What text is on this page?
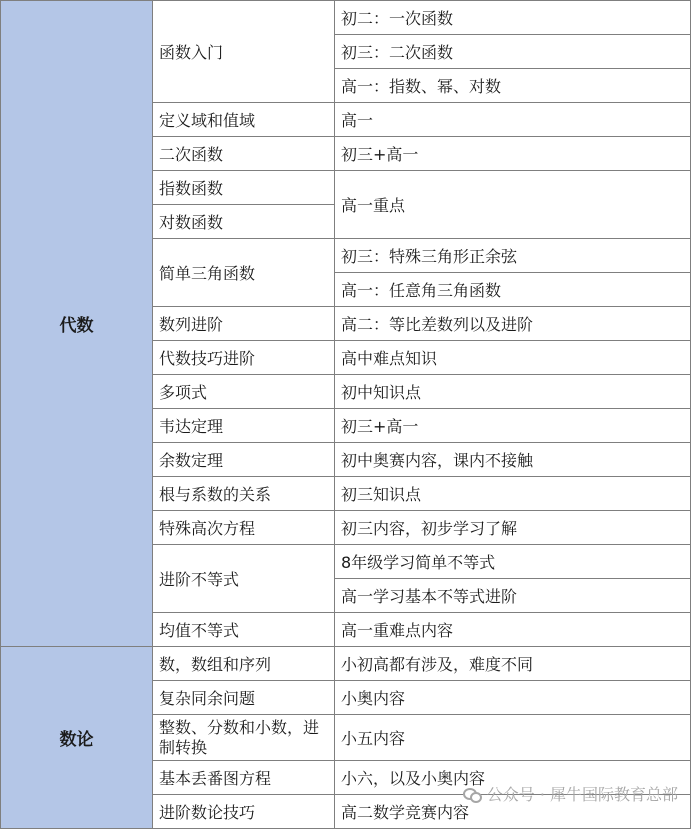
代数	函数入门	初二：一次函数
		初三：二次函数
		高一：指数、幂、对数
	定义域和值域	高一
	二次函数	初三+高一
	指数函数	高一重点
	对数函数	
	简单三角函数	初三：特殊三角形正余弦
		高一：任意角三角函数
	数列进阶	高二：等比差数列以及进阶
	代数技巧进阶	高中难点知识
	多项式	初中知识点
	韦达定理	初三+高一
	余数定理	初中奥赛内容，课内不接触
	根与系数的关系	初三知识点
	特殊高次方程	初三内容，初步学习了解
	进阶不等式	8年级学习简单不等式
		高一学习基本不等式进阶
	均值不等式	高一重难点内容
数论	数，数组和序列	小初高都有涉及，难度不同
	复杂同余问题	小奥内容
	整数、分数和小数，进制转换	小五内容
	基本丢番图方程	小六，以及小奥内容
	进阶数论技巧	高二数学竞赛内容
公众号 · 犀牛国际教育总部
